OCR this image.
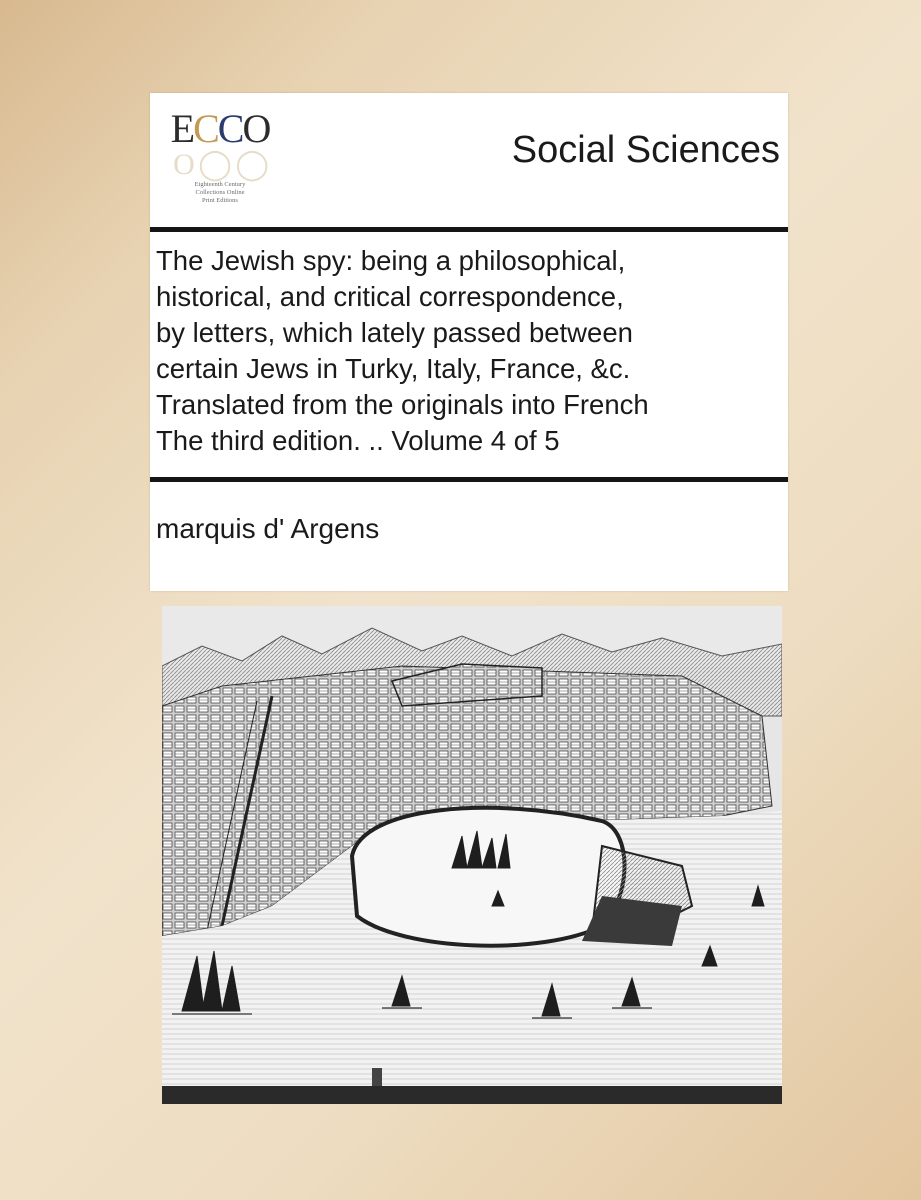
ECCO
O ◯ ◯
Eighteenth Century
Collections Online
Print Editions
Social Sciences
The Jewish spy: being a philosophical,
historical, and critical correspondence,
by letters, which lately passed between
certain Jews in Turky, Italy, France, &c.
Translated from the originals into French
The third edition. .. Volume 4 of 5
marquis d' Argens
